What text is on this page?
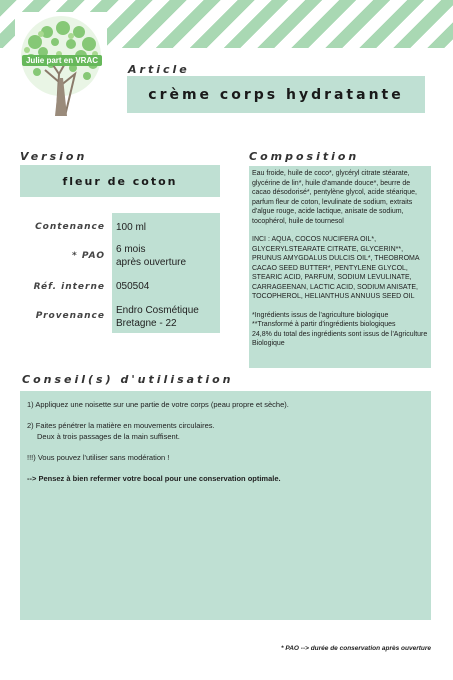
Julie part en VRAC
Article
crème corps hydratante
Version
fleur de coton
Contenance 100 ml
* PAO
6 mois
après ouverture
Réf. interne 050504
Provenance
Endro Cosmétique
Bretagne - 22
Composition

Eau froide, huile de coco*, glycéryl citrate stéarate, glycérine de lin*, huile d'amande douce*, beurre de cacao désodorisé*, pentylène glycol, acide stéarique, parfum fleur de coton, levulinate de sodium, extraits d'algue rouge, acide lactique, anisate de sodium, tocophérol, huile de tournesol

INCI : AQUA, COCOS NUCIFERA OIL*, GLYCERYLSTEARATE CITRATE, GLYCERIN**, PRUNUS AMYGDALUS DULCIS OIL*, THEOBROMA CACAO SEED BUTTER*, PENTYLENE GLYCOL, STEARIC ACID, PARFUM, SODIUM LEVULINATE, CARRAGEENAN, LACTIC ACID, SODIUM ANISATE, TOCOPHEROL, HELIANTHUS ANNUUS SEED OIL

*Ingrédients issus de l'agriculture biologique
**Transformé à partir d'ingrédients biologiques
24,8% du total des ingrédients sont issus de l'Agriculture Biologique

Conseil(s) d'utilisation

1) Appliquez une noisette sur une partie de votre corps (peau propre et sèche).

2) Faites pénétrer la matière en mouvements circulaires.
Deux à trois passages de la main suffisent.

!!!) Vous pouvez l'utiliser sans modération !

--> Pensez à bien refermer votre bocal pour une conservation optimale.

* PAO --> durée de conservation après ouverture
